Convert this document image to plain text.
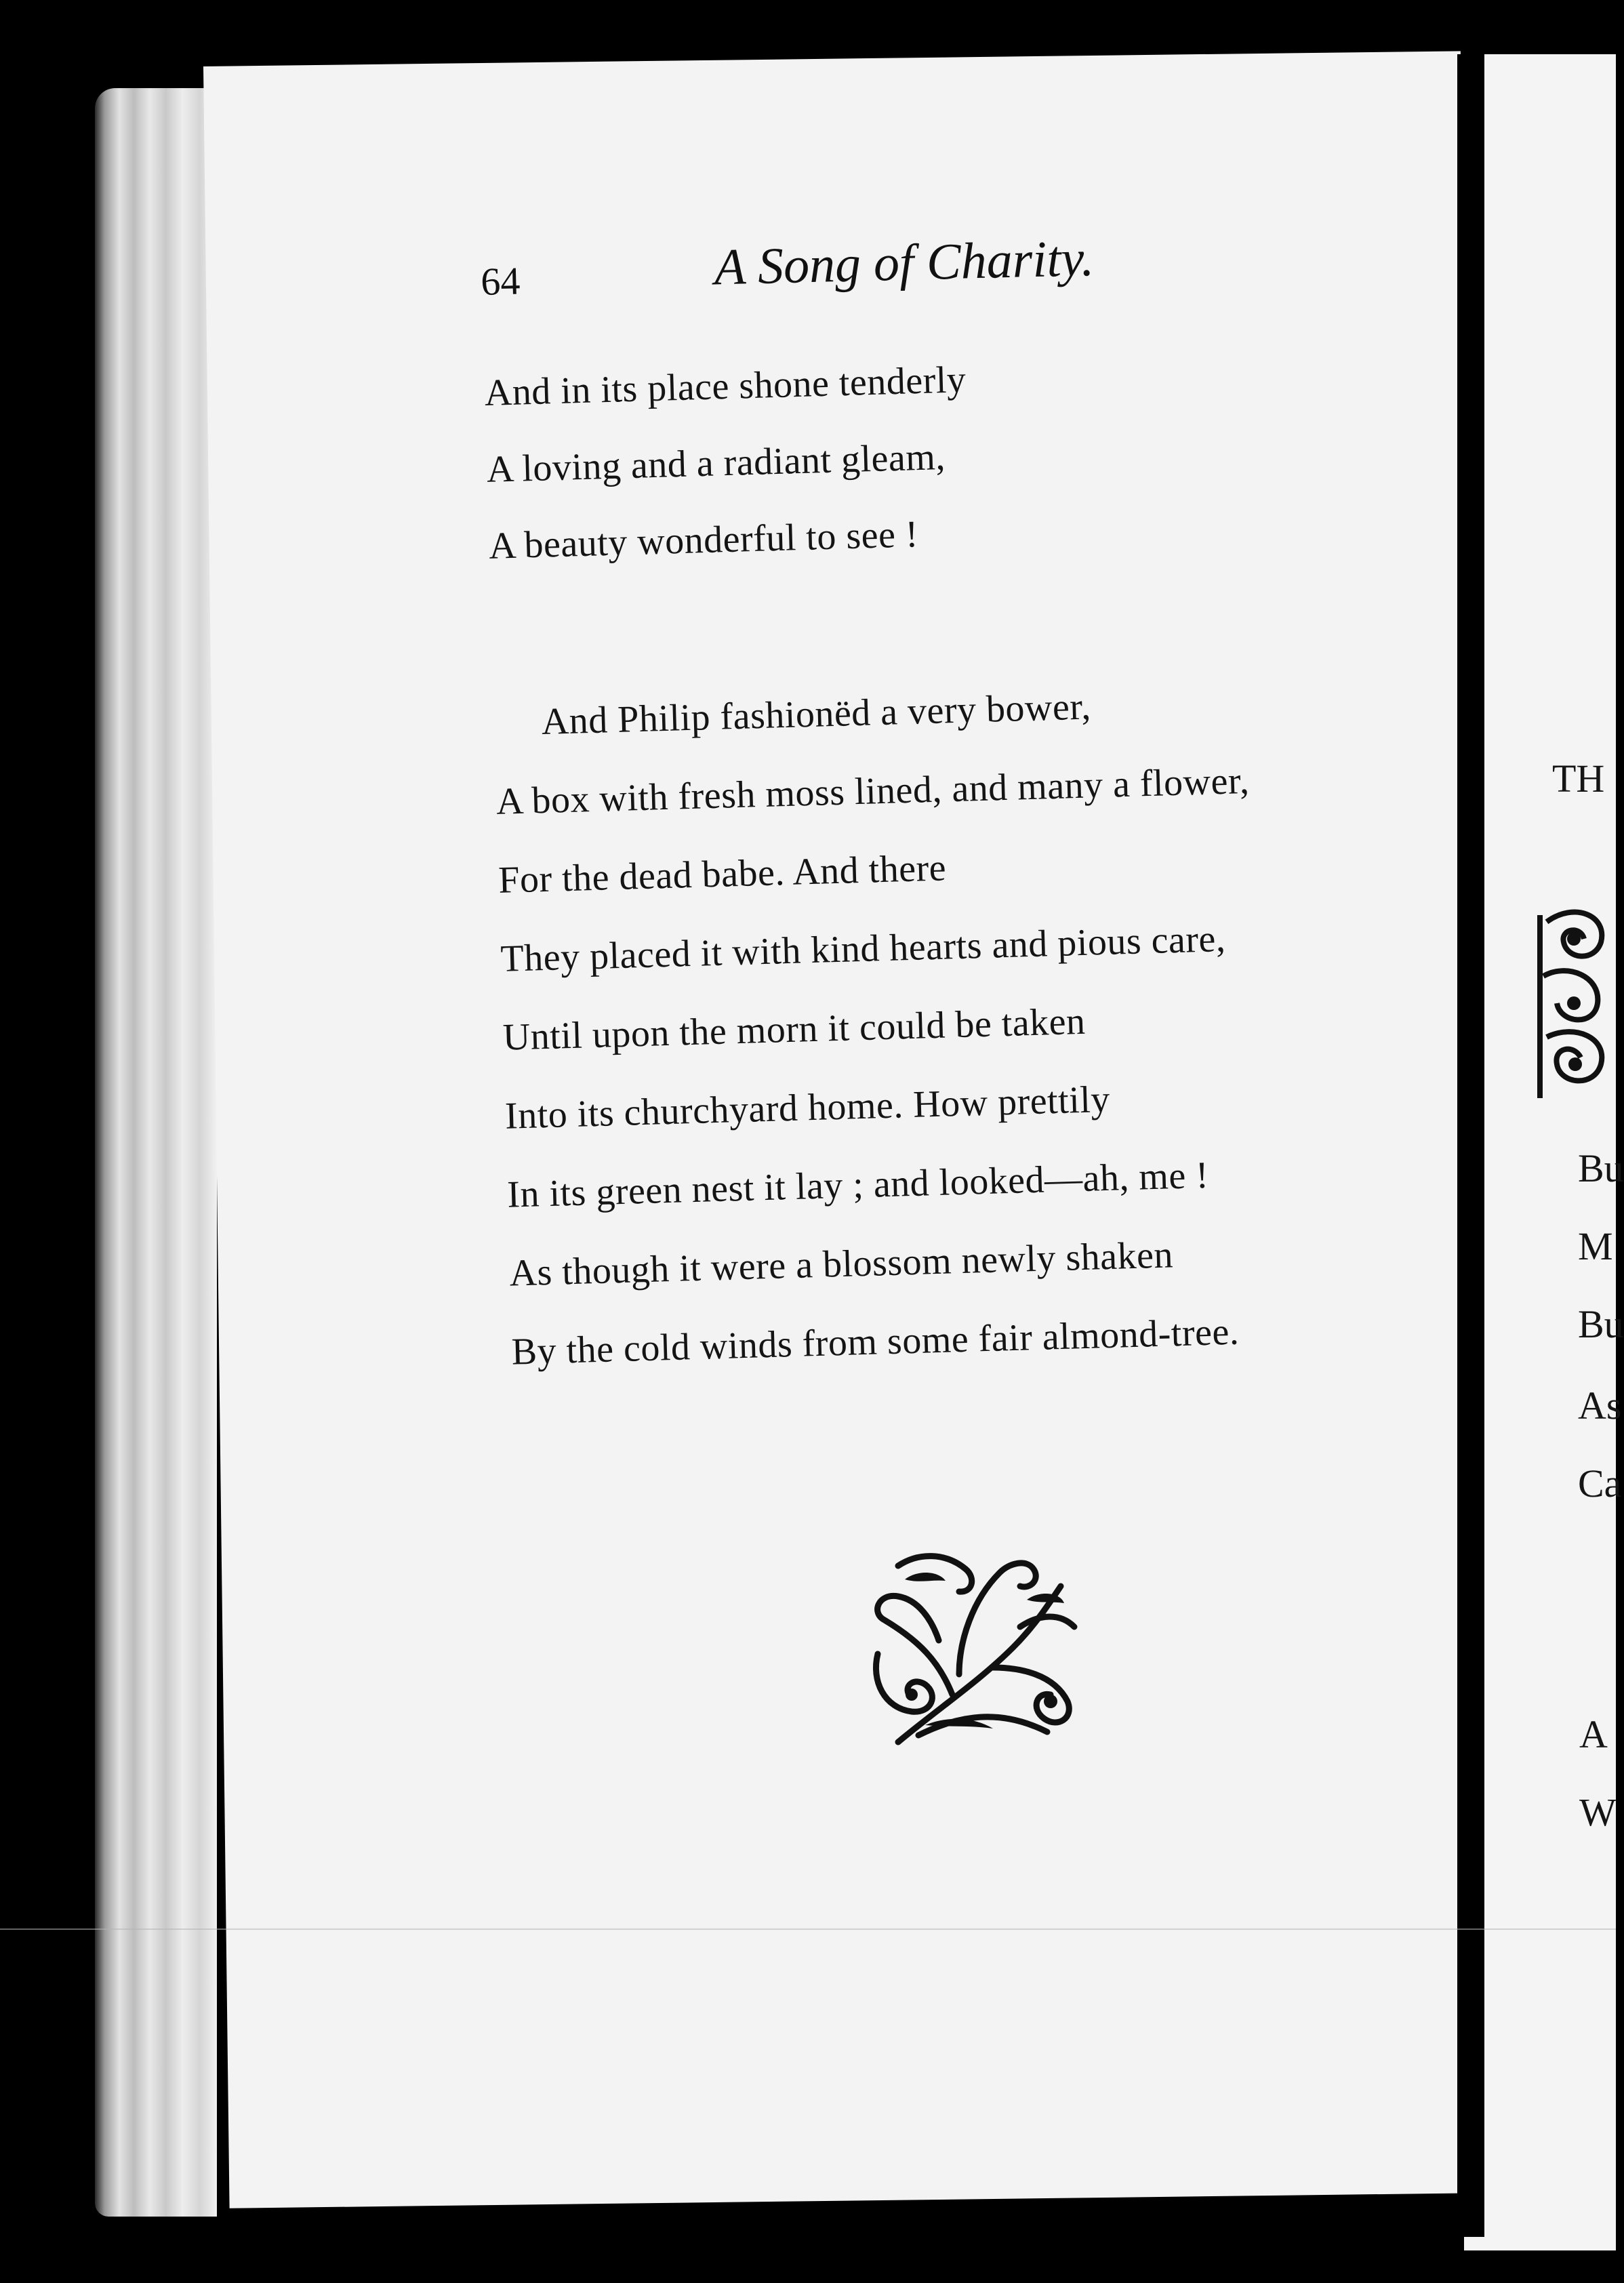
64	A Song of Charity.
And in its place shone tenderly
A loving and a radiant gleam,
A beauty wonderful to see !
And Philip fashionëd a very bower,
A box with fresh moss lined, and many a flower,
For the dead babe. And there
They placed it with kind hearts and pious care,
Until upon the morn it could be taken
Into its churchyard home. How prettily
In its green nest it lay ; and looked—ah, me !
As though it were a blossom newly shaken
By the cold winds from some fair almond-tree.
TH
Bu
M
Bu
As
Ca
A
W
